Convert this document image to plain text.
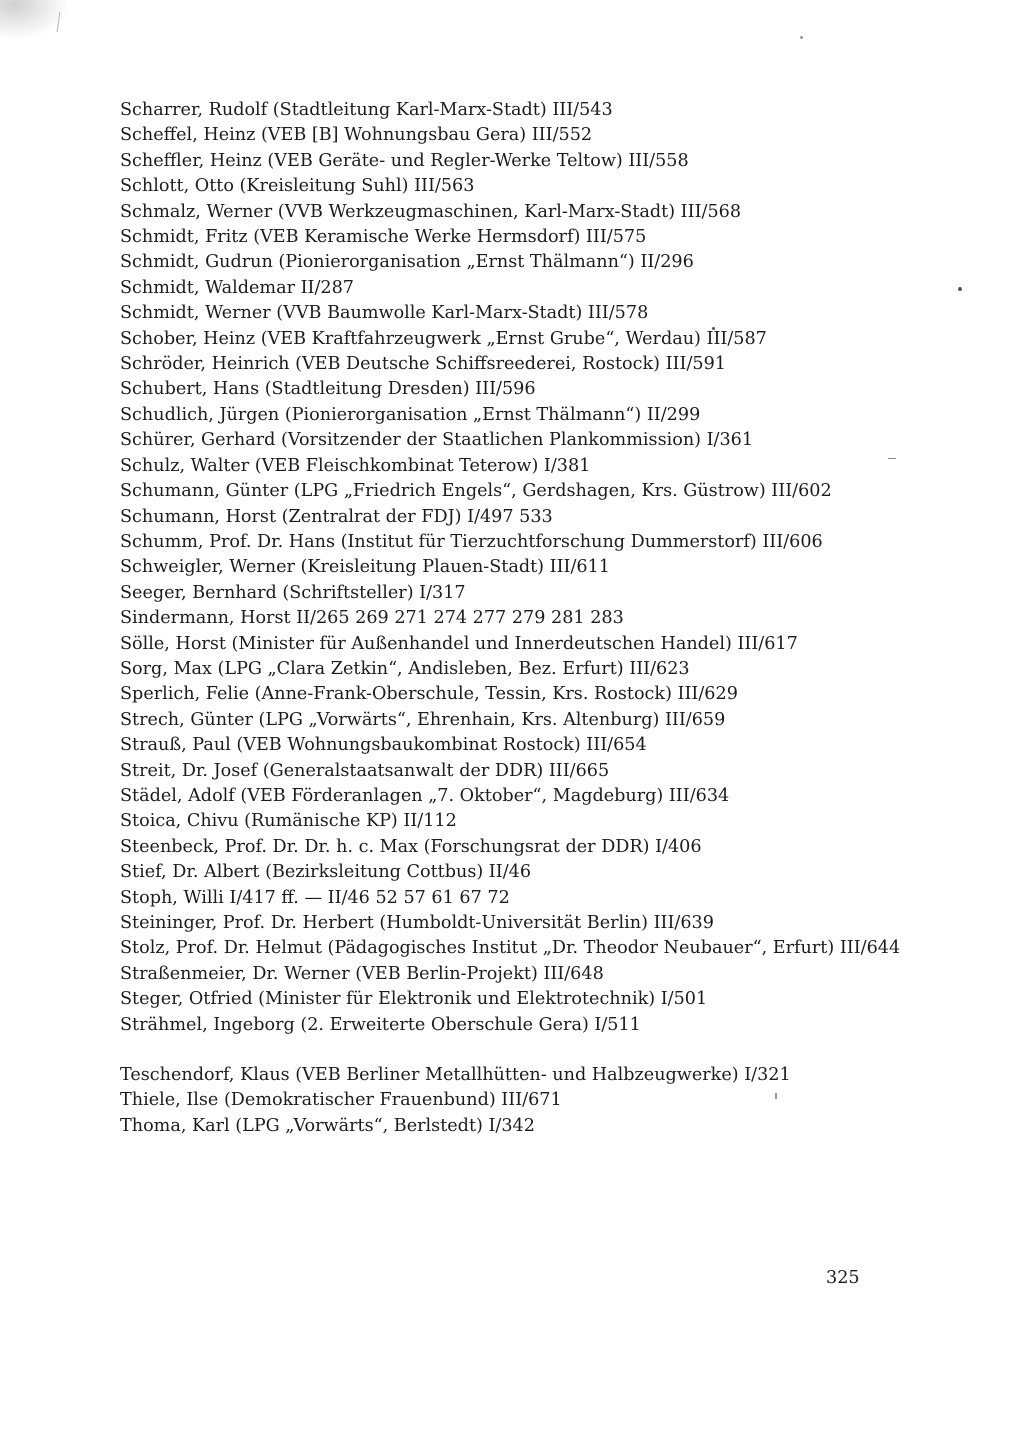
Scharrer, Rudolf (Stadtleitung Karl-Marx-Stadt) III/543
Scheffel, Heinz (VEB [B] Wohnungsbau Gera) III/552
Scheffler, Heinz (VEB Geräte- und Regler-Werke Teltow) III/558
Schlott, Otto (Kreisleitung Suhl) III/563
Schmalz, Werner (VVB Werkzeugmaschinen, Karl-Marx-Stadt) III/568
Schmidt, Fritz (VEB Keramische Werke Hermsdorf) III/575
Schmidt, Gudrun (Pionierorganisation „Ernst Thälmann“) II/296
Schmidt, Waldemar II/287
Schmidt, Werner (VVB Baumwolle Karl-Marx-Stadt) III/578
Schober, Heinz (VEB Kraftfahrzeugwerk „Ernst Grube“, Werdau) III/587
Schröder, Heinrich (VEB Deutsche Schiffsreederei, Rostock) III/591
Schubert, Hans (Stadtleitung Dresden) III/596
Schudlich, Jürgen (Pionierorganisation „Ernst Thälmann“) II/299
Schürer, Gerhard (Vorsitzender der Staatlichen Plankommission) I/361
Schulz, Walter (VEB Fleischkombinat Teterow) I/381
Schumann, Günter (LPG „Friedrich Engels“, Gerdshagen, Krs. Güstrow) III/602
Schumann, Horst (Zentralrat der FDJ) I/497 533
Schumm, Prof. Dr. Hans (Institut für Tierzuchtforschung Dummerstorf) III/606
Schweigler, Werner (Kreisleitung Plauen-Stadt) III/611
Seeger, Bernhard (Schriftsteller) I/317
Sindermann, Horst II/265 269 271 274 277 279 281 283
Sölle, Horst (Minister für Außenhandel und Innerdeutschen Handel) III/617
Sorg, Max (LPG „Clara Zetkin“, Andisleben, Bez. Erfurt) III/623
Sperlich, Felie (Anne-Frank-Oberschule, Tessin, Krs. Rostock) III/629
Strech, Günter (LPG „Vorwärts“, Ehrenhain, Krs. Altenburg) III/659
Strauß, Paul (VEB Wohnungsbaukombinat Rostock) III/654
Streit, Dr. Josef (Generalstaatsanwalt der DDR) III/665
Städel, Adolf (VEB Förderanlagen „7. Oktober“, Magdeburg) III/634
Stoica, Chivu (Rumänische KP) II/112
Steenbeck, Prof. Dr. Dr. h. c. Max (Forschungsrat der DDR) I/406
Stief, Dr. Albert (Bezirksleitung Cottbus) II/46
Stoph, Willi I/417 ff. — II/46 52 57 61 67 72
Steininger, Prof. Dr. Herbert (Humboldt-Universität Berlin) III/639
Stolz, Prof. Dr. Helmut (Pädagogisches Institut „Dr. Theodor Neubauer“, Erfurt) III/644
Straßenmeier, Dr. Werner (VEB Berlin-Projekt) III/648
Steger, Otfried (Minister für Elektronik und Elektrotechnik) I/501
Strähmel, Ingeborg (2. Erweiterte Oberschule Gera) I/511
Teschendorf, Klaus (VEB Berliner Metallhütten- und Halbzeugwerke) I/321
Thiele, Ilse (Demokratischer Frauenbund) III/671
Thoma, Karl (LPG „Vorwärts“, Berlstedt) I/342
325
